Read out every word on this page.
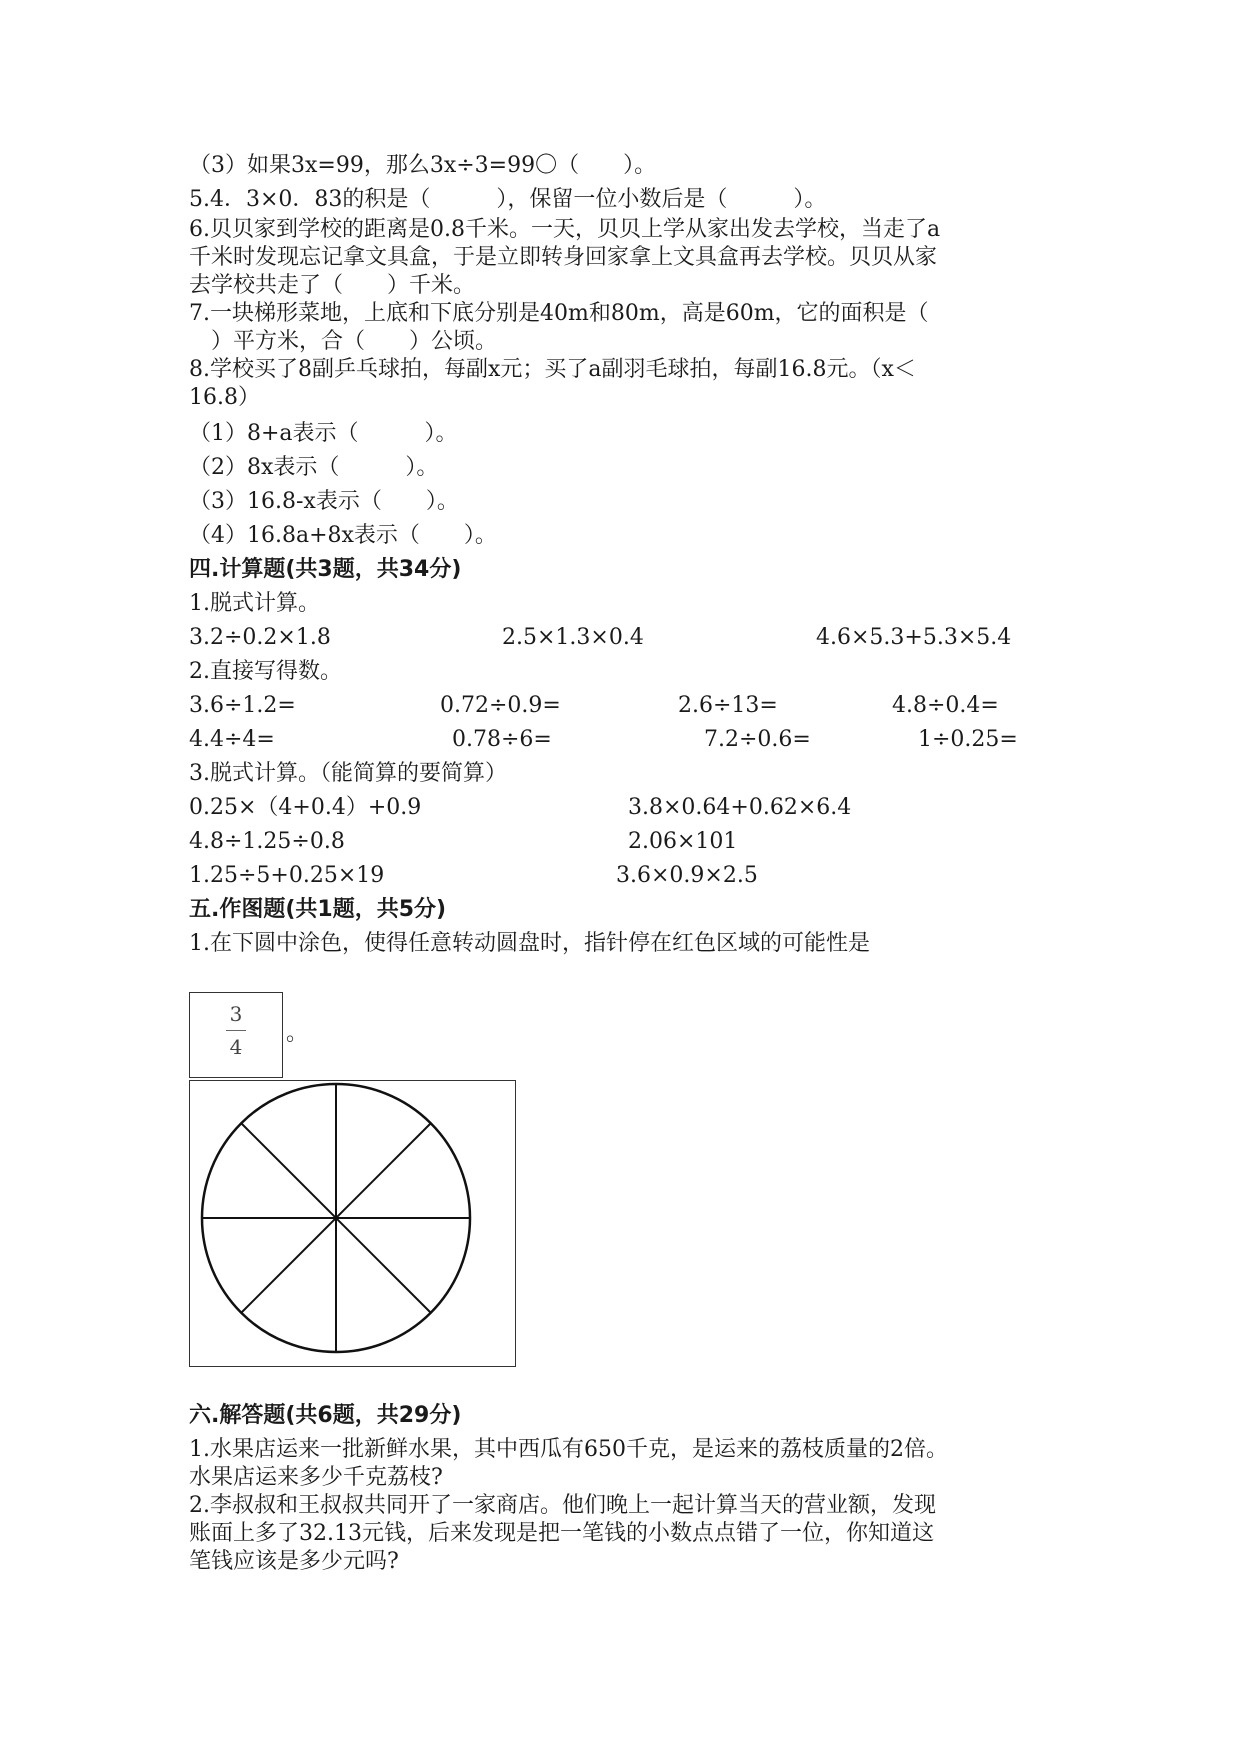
（3）如果3x=99，那么3x÷3=99〇（　　）。
5.4．3×0．83的积是（　　　），保留一位小数后是（　　　）。
6.贝贝家到学校的距离是0.8千米。一天，贝贝上学从家出发去学校，当走了a
千米时发现忘记拿文具盒，于是立即转身回家拿上文具盒再去学校。贝贝从家
去学校共走了（　　）千米。
7.一块梯形菜地，上底和下底分别是40m和80m，高是60m，它的面积是（
　）平方米，合（　　）公顷。
8.学校买了8副乒乓球拍，每副x元；买了a副羽毛球拍，每副16.8元。（x＜
16.8）
（1）8+a表示（　　　）。
（2）8x表示（　　　）。
（3）16.8-x表示（　　）。
（4）16.8a+8x表示（　　）。
四.计算题(共3题，共34分)
1.脱式计算。
3.2÷0.2×1.8	2.5×1.3×0.4	4.6×5.3+5.3×5.4
2.直接写得数。
3.6÷1.2=	0.72÷0.9=	2.6÷13=	4.8÷0.4=
4.4÷4=	0.78÷6=	7.2÷0.6=	1÷0.25=
3.脱式计算。（能简算的要简算）
0.25×（4+0.4）+0.9	3.8×0.64+0.62×6.4
4.8÷1.25÷0.8	2.06×101
1.25÷5+0.25×19	3.6×0.9×2.5
五.作图题(共1题，共5分)
1.在下圆中涂色，使得任意转动圆盘时，指针停在红色区域的可能性是
3
4
。
六.解答题(共6题，共29分)
1.水果店运来一批新鲜水果，其中西瓜有650千克，是运来的荔枝质量的2倍。
水果店运来多少千克荔枝?
2.李叔叔和王叔叔共同开了一家商店。他们晚上一起计算当天的营业额，发现
账面上多了32.13元钱，后来发现是把一笔钱的小数点点错了一位，你知道这
笔钱应该是多少元吗?
